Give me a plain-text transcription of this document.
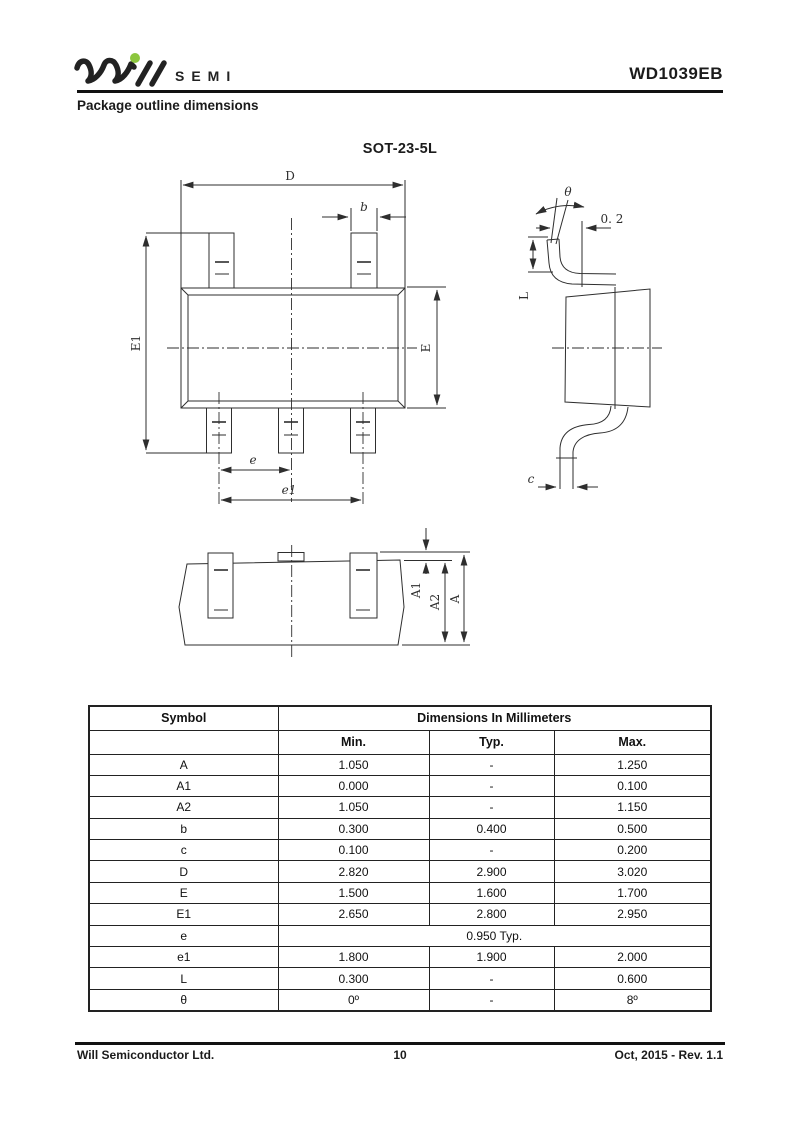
SEMI	WD1039EB
Package outline dimensions
SOT-23-5L
D
b
E1	E
e
e1
θ
0. 2
L
c
A1
A2 A
Symbol	Dimensions In Millimeters		
	Min.	Typ.	Max.
A	1.050	-	1.250
A1	0.000	-	0.100
A2	1.050	-	1.150
b	0.300	0.400	0.500
c	0.100	-	0.200
D	2.820	2.900	3.020
E	1.500	1.600	1.700
E1	2.650	2.800	2.950
e	0.950 Typ.		
e1	1.800	1.900	2.000
L	0.300	-	0.600
θ	0º	-	8º
10
Will Semiconductor Ltd.	Oct, 2015 - Rev. 1.1
